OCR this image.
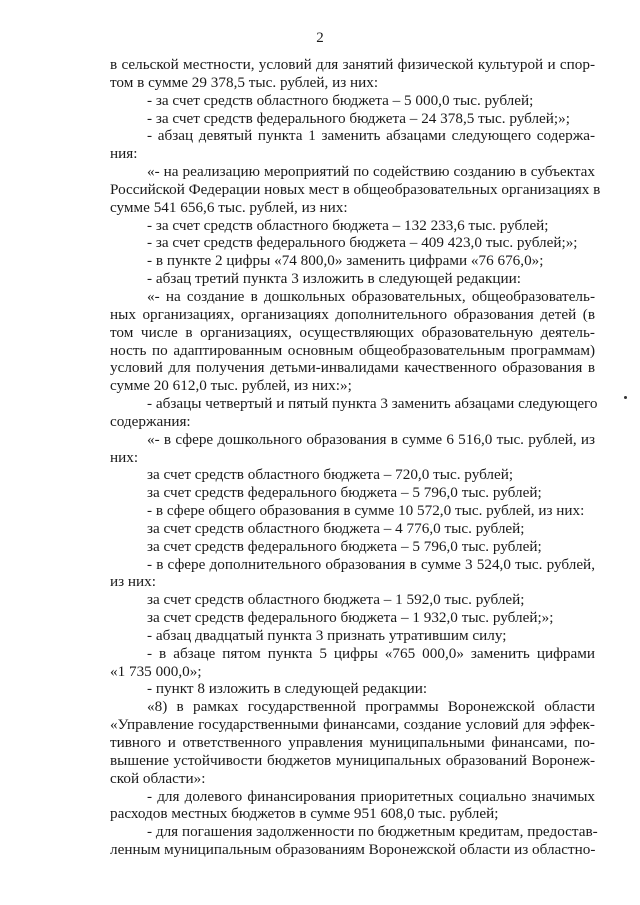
2
в сельской местности, условий для занятий физической культурой и спор-
том в сумме 29 378,5 тыс. рублей, из них:
- за счет средств областного бюджета – 5 000,0 тыс. рублей;
- за счет средств федерального бюджета – 24 378,5 тыс. рублей;»;
- абзац девятый пункта 1 заменить абзацами следующего содержа-
ния:
«- на реализацию мероприятий по содействию созданию в субъектах
Российской Федерации новых мест в общеобразовательных организациях в
сумме 541 656,6 тыс. рублей, из них:
- за счет средств областного бюджета – 132 233,6 тыс. рублей;
- за счет средств федерального бюджета – 409 423,0 тыс. рублей;»;
- в пункте 2 цифры «74 800,0» заменить цифрами «76 676,0»;
- абзац третий пункта 3 изложить в следующей редакции:
«- на создание в дошкольных образовательных, общеобразователь-
ных организациях, организациях дополнительного образования детей (в
том числе в организациях, осуществляющих образовательную деятель-
ность по адаптированным основным общеобразовательным программам)
условий для получения детьми-инвалидами качественного образования в
сумме 20 612,0 тыс. рублей, из них:»;
- абзацы четвертый и пятый пункта 3 заменить абзацами следующего
содержания:
«- в сфере дошкольного образования в сумме 6 516,0 тыс. рублей, из
них:
за счет средств областного бюджета – 720,0 тыс. рублей;
за счет средств федерального бюджета – 5 796,0 тыс. рублей;
- в сфере общего образования в сумме 10 572,0 тыс. рублей, из них:
за счет средств областного бюджета – 4 776,0 тыс. рублей;
за счет средств федерального бюджета – 5 796,0 тыс. рублей;
- в сфере дополнительного образования в сумме 3 524,0 тыс. рублей,
из них:
за счет средств областного бюджета – 1 592,0 тыс. рублей;
за счет средств федерального бюджета – 1 932,0 тыс. рублей;»;
- абзац двадцатый пункта 3 признать утратившим силу;
- в абзаце пятом пункта 5 цифры «765 000,0» заменить цифрами
«1 735 000,0»;
- пункт 8 изложить в следующей редакции:
«8) в рамках государственной программы Воронежской области
«Управление государственными финансами, создание условий для эффек-
тивного и ответственного управления муниципальными финансами, по-
вышение устойчивости бюджетов муниципальных образований Воронеж-
ской области»:
- для долевого финансирования приоритетных социально значимых
расходов местных бюджетов в сумме 951 608,0 тыс. рублей;
- для погашения задолженности по бюджетным кредитам, предостав-
ленным муниципальным образованиям Воронежской области из областно-
